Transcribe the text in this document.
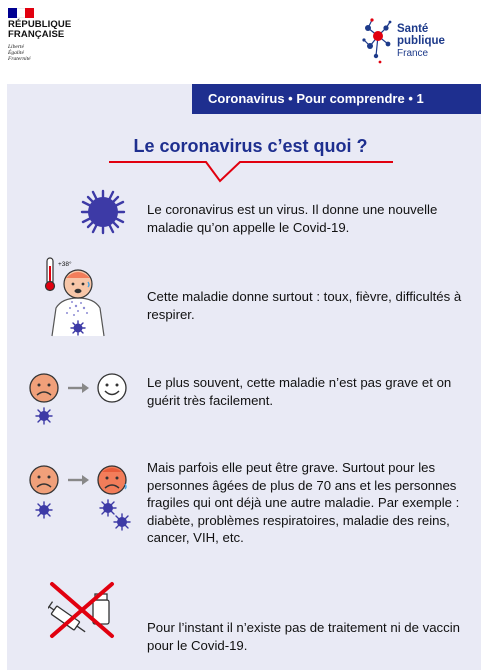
RÉPUBLIQUE
FRANÇAISE
Liberté
Égalité
Fraternité
Santé
publique
France
Coronavirus • Pour comprendre • 1
Le coronavirus c’est quoi ?
Le coronavirus est un virus. Il donne une nouvelle maladie qu’on appelle le Covid-19.
+38°
Cette maladie donne surtout : toux, fièvre, difficultés à respirer.
Le plus souvent, cette maladie n’est pas grave et on guérit très facilement.
Mais parfois elle peut être grave. Surtout pour les personnes âgées de plus de 70 ans et les personnes fragiles qui ont déjà une autre maladie. Par exemple : diabète, problèmes respiratoires, maladie des reins, cancer, VIH, etc.
Pour l’instant il n’existe pas de traitement ni de vaccin pour le Covid-19.
